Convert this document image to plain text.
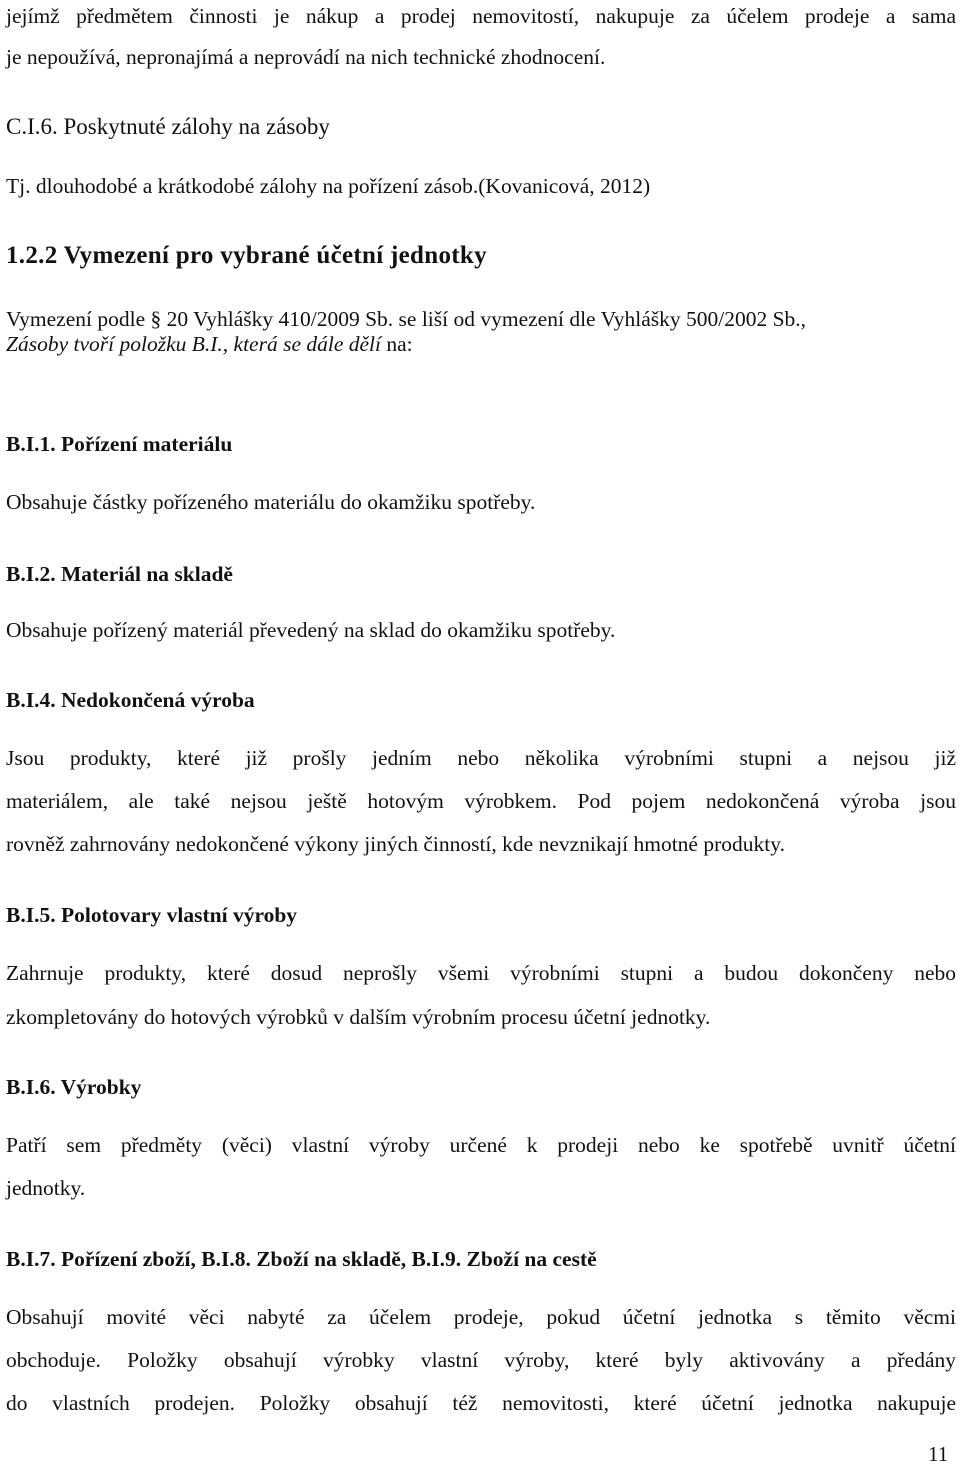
jejímž předmětem činnosti je nákup a prodej nemovitostí, nakupuje za účelem prodeje a sama
je nepoužívá, nepronajímá a neprovádí na nich technické zhodnocení.
C.I.6. Poskytnuté zálohy na zásoby
Tj. dlouhodobé a krátkodobé zálohy na pořízení zásob.(Kovanicová, 2012)
1.2.2 Vymezení pro vybrané účetní jednotky
Vymezení podle § 20 Vyhlášky 410/2009 Sb. se liší od vymezení dle Vyhlášky 500/2002 Sb.,
Zásoby tvoří položku B.I., která se dále dělí na:
B.I.1. Pořízení materiálu
Obsahuje částky pořízeného materiálu do okamžiku spotřeby.
B.I.2. Materiál na skladě
Obsahuje pořízený materiál převedený na sklad do okamžiku spotřeby.
B.I.4. Nedokončená výroba
Jsou produkty, které již prošly jedním nebo několika výrobními stupni a nejsou již
materiálem, ale také nejsou ještě hotovým výrobkem. Pod pojem nedokončená výroba jsou
rovněž zahrnovány nedokončené výkony jiných činností, kde nevznikají hmotné produkty.
B.I.5. Polotovary vlastní výroby
Zahrnuje produkty, které dosud neprošly všemi výrobními stupni a budou dokončeny nebo
zkompletovány do hotových výrobků v dalším výrobním procesu účetní jednotky.
B.I.6. Výrobky
Patří sem předměty (věci) vlastní výroby určené k prodeji nebo ke spotřebě uvnitř účetní
jednotky.
B.I.7. Pořízení zboží, B.I.8. Zboží na skladě, B.I.9. Zboží na cestě
Obsahují movité věci nabyté za účelem prodeje, pokud účetní jednotka s těmito věcmi
obchoduje. Položky obsahují výrobky vlastní výroby, které byly aktivovány a předány
do vlastních prodejen. Položky obsahují též nemovitosti, které účetní jednotka nakupuje
11
